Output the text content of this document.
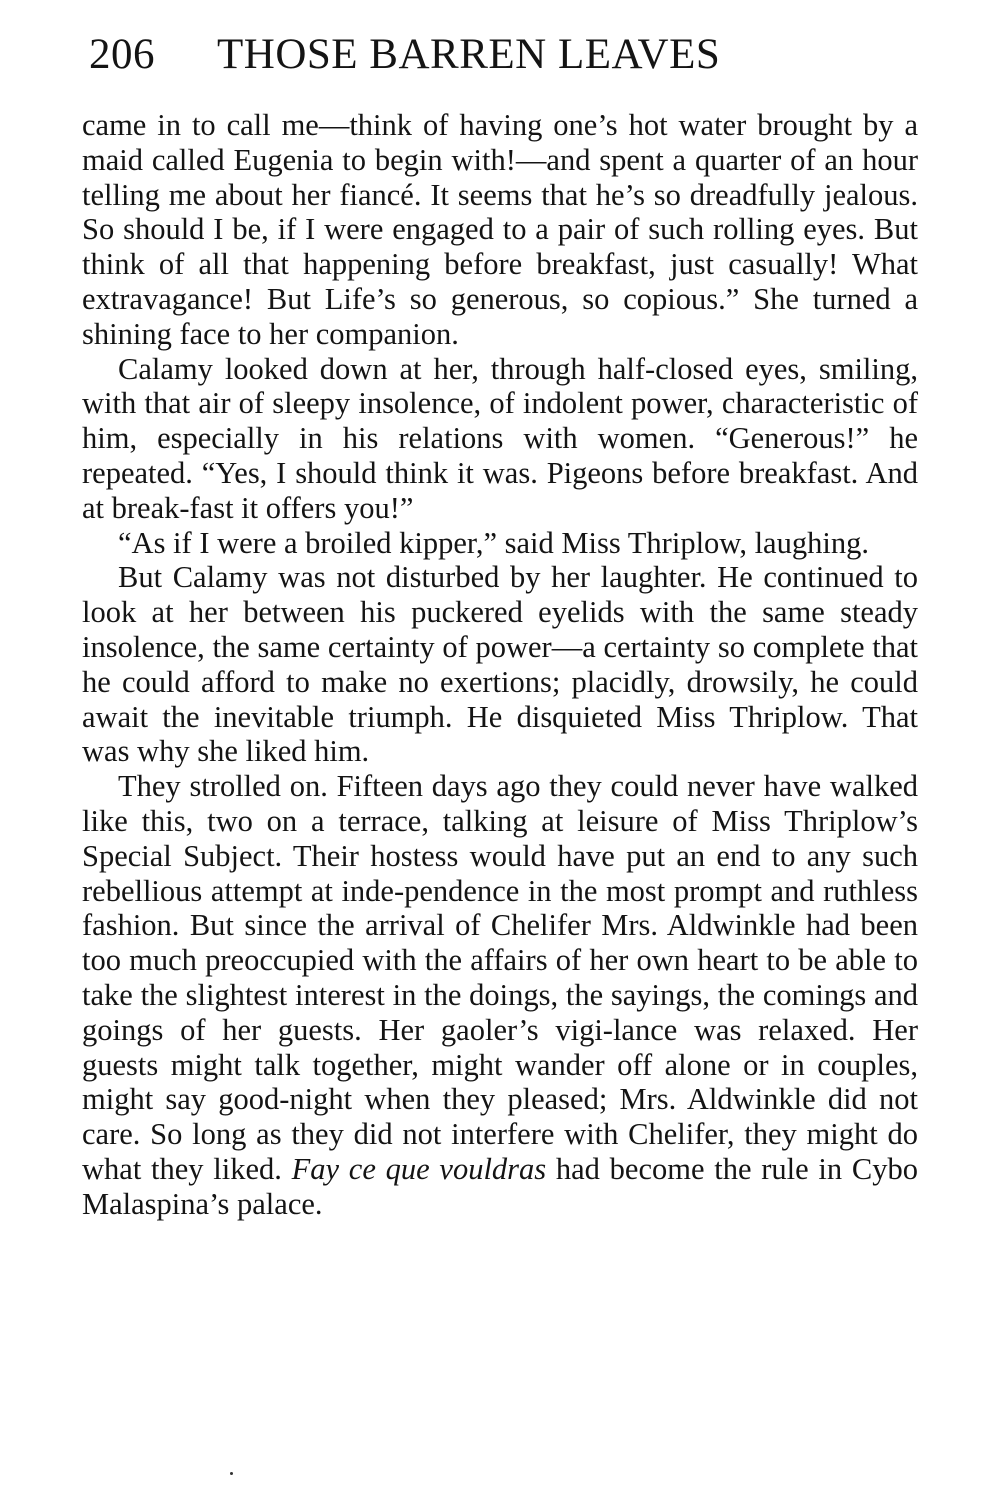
206 THOSE BARREN LEAVES

came in to call me—think of having one’s hot water brought by a maid called Eugenia to begin with!—and spent a quarter of an hour telling me about her fiancé. It seems that he’s so dreadfully jealous. So should I be, if I were engaged to a pair of such rolling eyes. But think of all that happening before breakfast, just casually! What extravagance! But Life’s so generous, so copious.” She turned a shining face to her companion.

Calamy looked down at her, through half-closed eyes, smiling, with that air of sleepy insolence, of indolent power, characteristic of him, especially in his relations with women. “Generous!” he repeated. “Yes, I should think it was. Pigeons before breakfast. And at break-fast it offers you!”

“As if I were a broiled kipper,” said Miss Thriplow, laughing.

But Calamy was not disturbed by her laughter. He continued to look at her between his puckered eyelids with the same steady insolence, the same certainty of power—a certainty so complete that he could afford to make no exertions; placidly, drowsily, he could await the inevitable triumph. He disquieted Miss Thriplow. That was why she liked him.

They strolled on. Fifteen days ago they could never have walked like this, two on a terrace, talking at leisure of Miss Thriplow’s Special Subject. Their hostess would have put an end to any such rebellious attempt at inde-pendence in the most prompt and ruthless fashion. But since the arrival of Chelifer Mrs. Aldwinkle had been too much preoccupied with the affairs of her own heart to be able to take the slightest interest in the doings, the sayings, the comings and goings of her guests. Her gaoler’s vigi-lance was relaxed. Her guests might talk together, might wander off alone or in couples, might say good-night when they pleased; Mrs. Aldwinkle did not care. So long as they did not interfere with Chelifer, they might do what they liked. Fay ce que vouldras had become the rule in Cybo Malaspina’s palace.
